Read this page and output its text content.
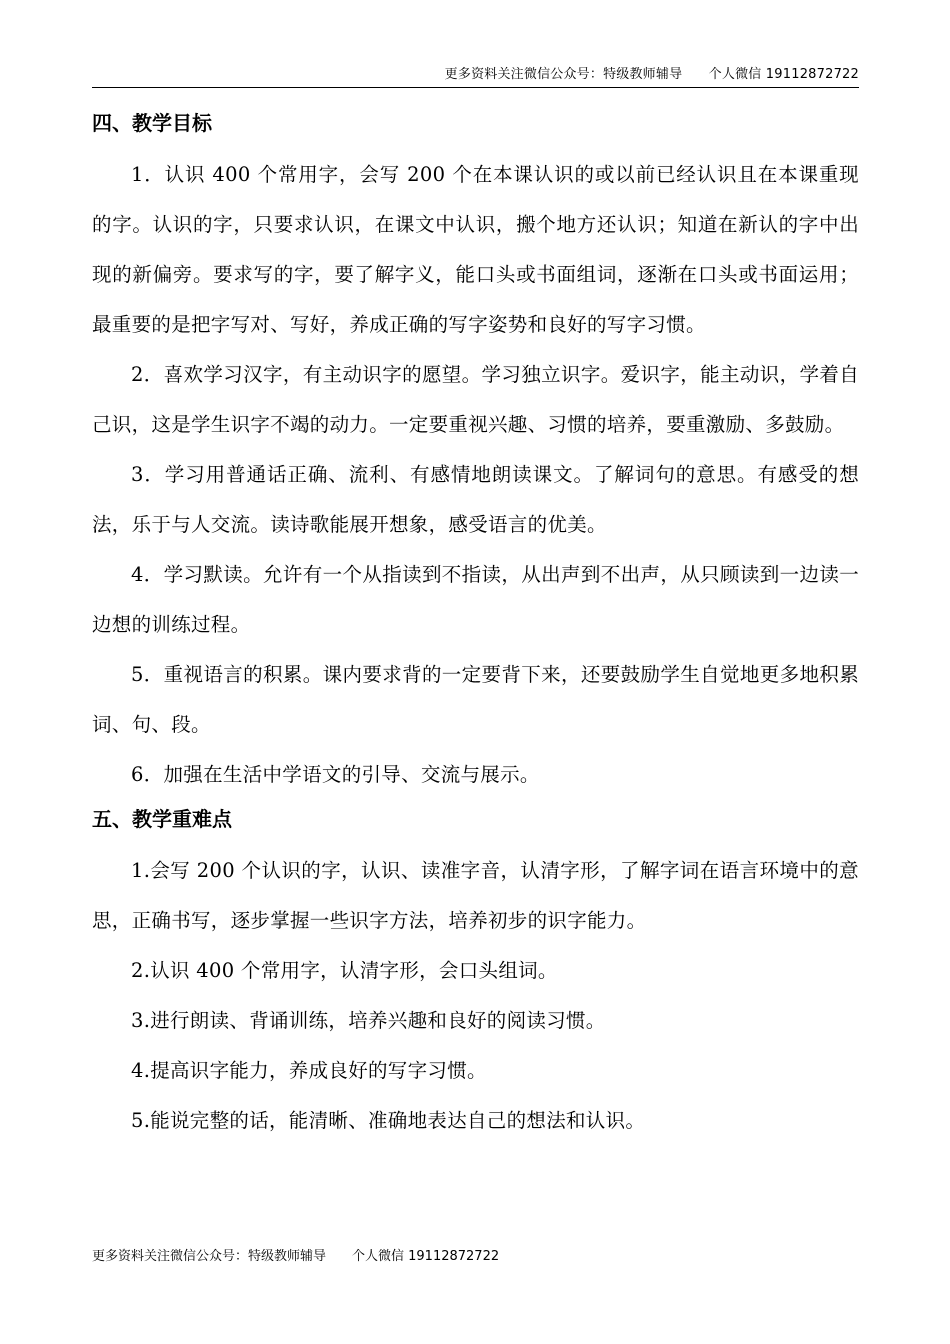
更多资料关注微信公众号：特级教师辅导　　个人微信 19112872722
四、教学目标

1．认识 400 个常用字，会写 200 个在本课认识的或以前已经认识且在本课重现的字。认识的字，只要求认识，在课文中认识，搬个地方还认识；知道在新认的字中出现的新偏旁。要求写的字，要了解字义，能口头或书面组词，逐渐在口头或书面运用；最重要的是把字写对、写好，养成正确的写字姿势和良好的写字习惯。

2．喜欢学习汉字，有主动识字的愿望。学习独立识字。爱识字，能主动识，学着自己识，这是学生识字不竭的动力。一定要重视兴趣、习惯的培养，要重激励、多鼓励。

3．学习用普通话正确、流利、有感情地朗读课文。了解词句的意思。有感受的想法，乐于与人交流。读诗歌能展开想象，感受语言的优美。

4．学习默读。允许有一个从指读到不指读，从出声到不出声，从只顾读到一边读一边想的训练过程。

5．重视语言的积累。课内要求背的一定要背下来，还要鼓励学生自觉地更多地积累词、句、段。

6．加强在生活中学语文的引导、交流与展示。

五、教学重难点

1.会写 200 个认识的字，认识、读准字音，认清字形，了解字词在语言环境中的意思，正确书写，逐步掌握一些识字方法，培养初步的识字能力。

2.认识 400 个常用字，认清字形，会口头组词。

3.进行朗读、背诵训练，培养兴趣和良好的阅读习惯。

4.提高识字能力，养成良好的写字习惯。

5.能说完整的话，能清晰、准确地表达自己的想法和认识。

更多资料关注微信公众号：特级教师辅导　　个人微信 19112872722
